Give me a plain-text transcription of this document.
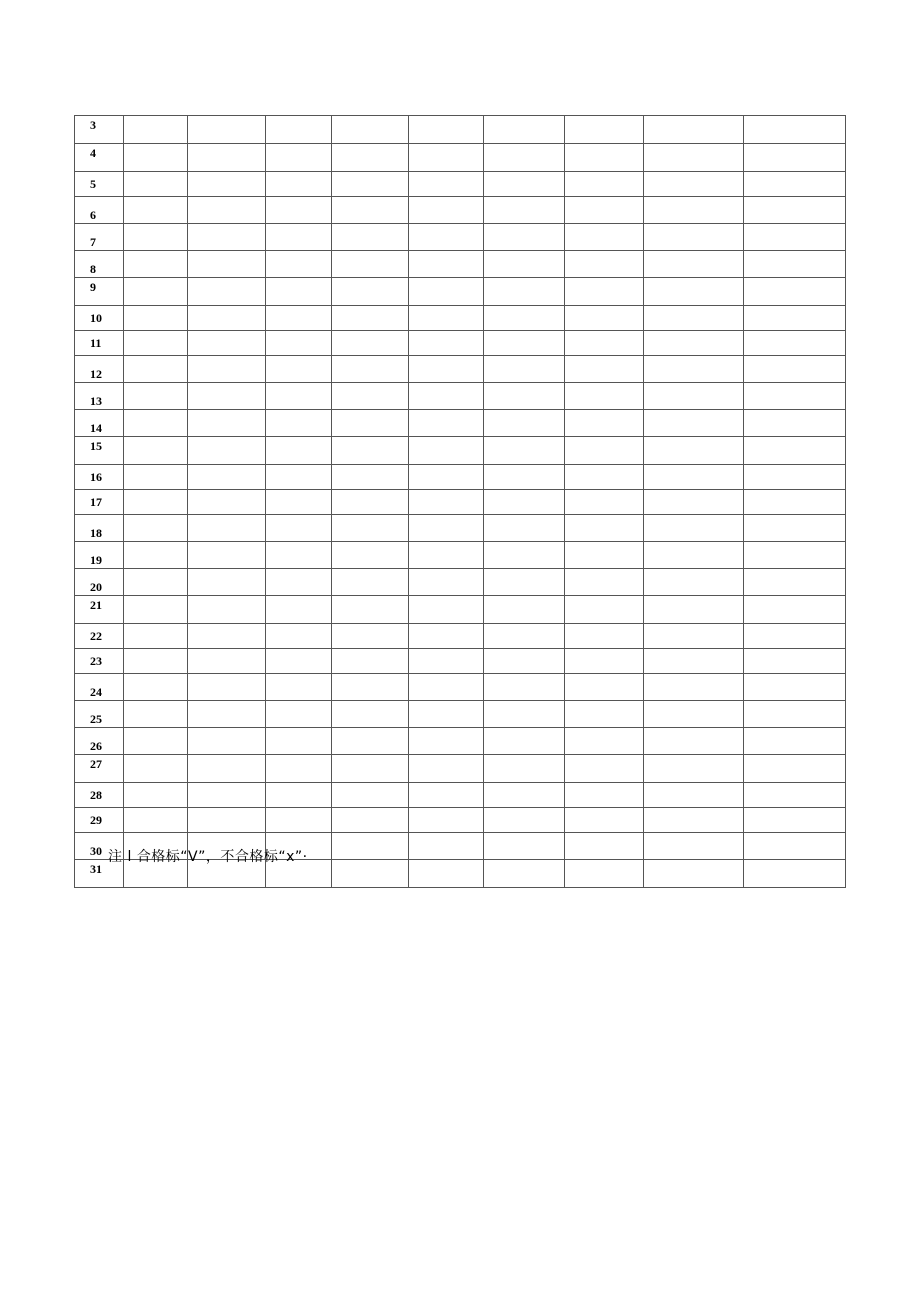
3									
4									
5									
6									
7									
8									
9									
10									
11									
12									
13									
14									
15									
16									
17									
18									
19									
20									
21									
22									
23									
24									
25									
26									
27									
28									
29									
30									
31									
注 l 合格标“V”，不合格标“x”·
